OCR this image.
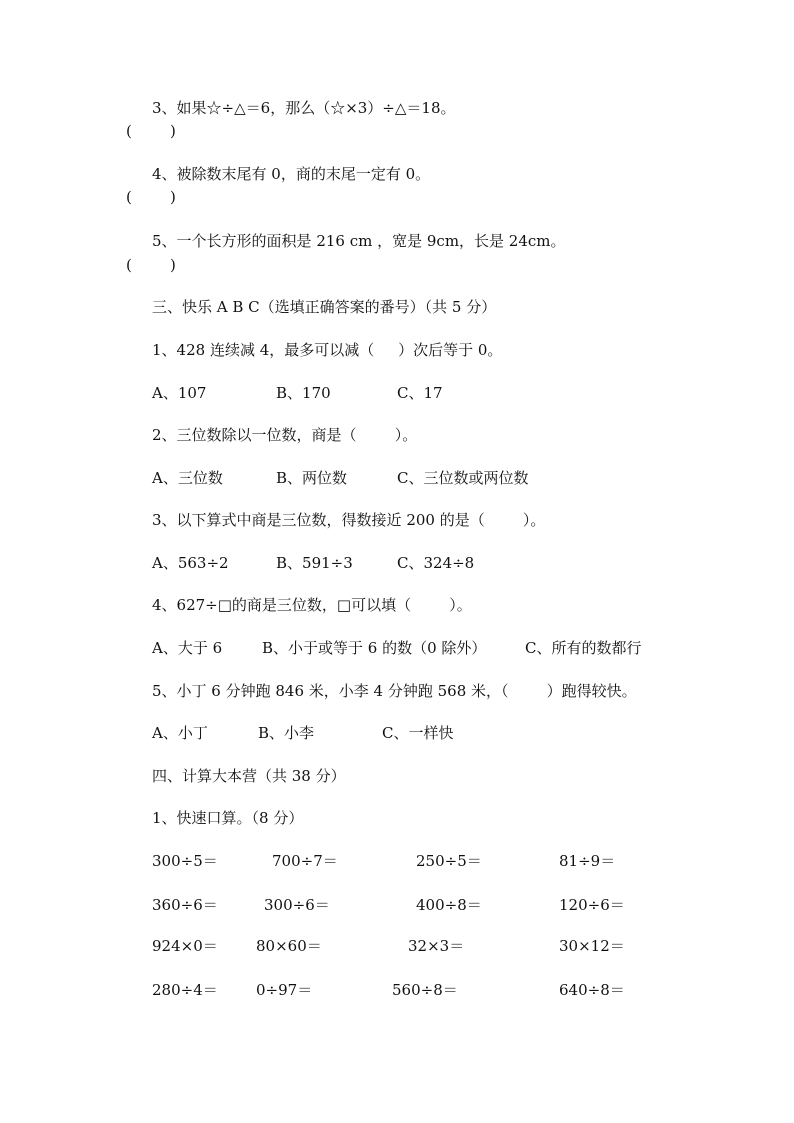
3、如果☆÷△＝6，那么（☆×3）÷△＝18。
(        )
4、被除数末尾有 0，商的末尾一定有 0。
(        )
5、一个长方形的面积是 216 cm ，宽是 9cm，长是 24cm。
(        )
三、快乐 A B C（选填正确答案的番号）（共 5 分）
1、428 连续减 4，最多可以减（     ）次后等于 0。
A、107	B、170	C、17
2、三位数除以一位数，商是（        ）。
A、三位数	B、两位数	C、三位数或两位数
3、以下算式中商是三位数，得数接近 200 的是（        ）。
A、563÷2	B、591÷3	C、324÷8
4、627÷□的商是三位数，□可以填（        ）。
A、大于 6	B、小于或等于 6 的数（0 除外）	C、所有的数都行
5、小丁 6 分钟跑 846 米，小李 4 分钟跑 568 米，（        ）跑得较快。
A、小丁	B、小李	C、一样快
四、计算大本营（共 38 分）
1、快速口算。（8 分）
300÷5＝	700÷7＝	250÷5＝	81÷9＝
360÷6＝	300÷6＝	400÷8＝	120÷6＝
924×0＝	80×60＝	32×3＝	30×12＝
280÷4＝	0÷97＝	560÷8＝	640÷8＝
